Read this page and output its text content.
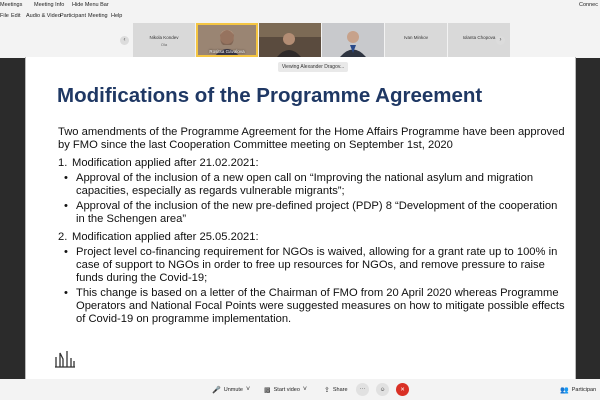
Meetings Meeting Info Hide Menu Bar	Connec
File Edit Audio & Video Participant Meeting Help
‹	Nikola Kondev
Ola
Rositsa Gavalova
Ivan Minkov	Iolanta Chopova ›
Modifications of the Programme Agreement

Two amendments of the Programme Agreement for the Home Affairs Programme have been approved by FMO since the last Cooperation Committee meeting on September 1st, 2020

1. Modification applied after 21.02.2021:
• Approval of the inclusion of a new open call on “Improving the national asylum and migration capacities, especially as regards vulnerable migrants”;
• Approval of the inclusion of the new pre-defined project (PDP) 8 “Development of the cooperation in the Schengen area”
2. Modification applied after 25.05.2021:
• Project level co-financing requirement for NGOs is waived, allowing for a grant rate up to 100% in case of support to NGOs in order to free up resources for NGOs, and remove pressure to raise funds during the Covid-19;
• This change is based on a letter of the Chairman of FMO from 20 April 2020 whereas Programme Operators and National Focal Points were suggested measures on how to mitigate possible effects of Covid-19 on programme implementation.
Viewing Alexander Dragov...
🎤 Unmute ˅ ▩ Start video ˅ ⇪ Share	⋯	☺	✕	👥 Participan
